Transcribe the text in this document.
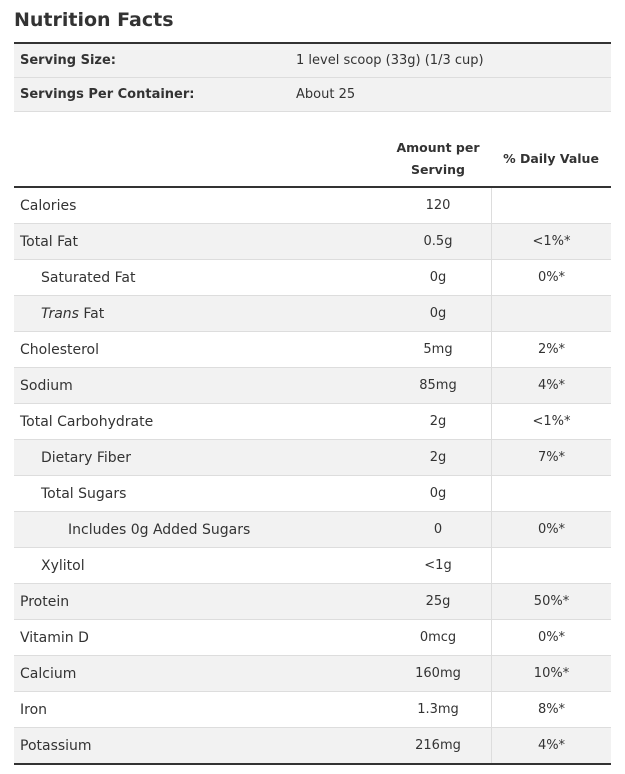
Nutrition Facts
Serving Size:	1 level scoop (33g) (1/3 cup)
Servings Per Container:	About 25
Amount per
Serving
% Daily Value
Calories	120
Total Fat	0.5g	<1%*
Saturated Fat	0g	0%*
Trans Fat	0g
Cholesterol	5mg	2%*
Sodium	85mg	4%*
Total Carbohydrate	2g	<1%*
Dietary Fiber	2g	7%*
Total Sugars	0g
Includes 0g Added Sugars	0	0%*
Xylitol	<1g
Protein	25g	50%*
Vitamin D	0mcg	0%*
Calcium	160mg	10%*
Iron	1.3mg	8%*
Potassium	216mg	4%*
